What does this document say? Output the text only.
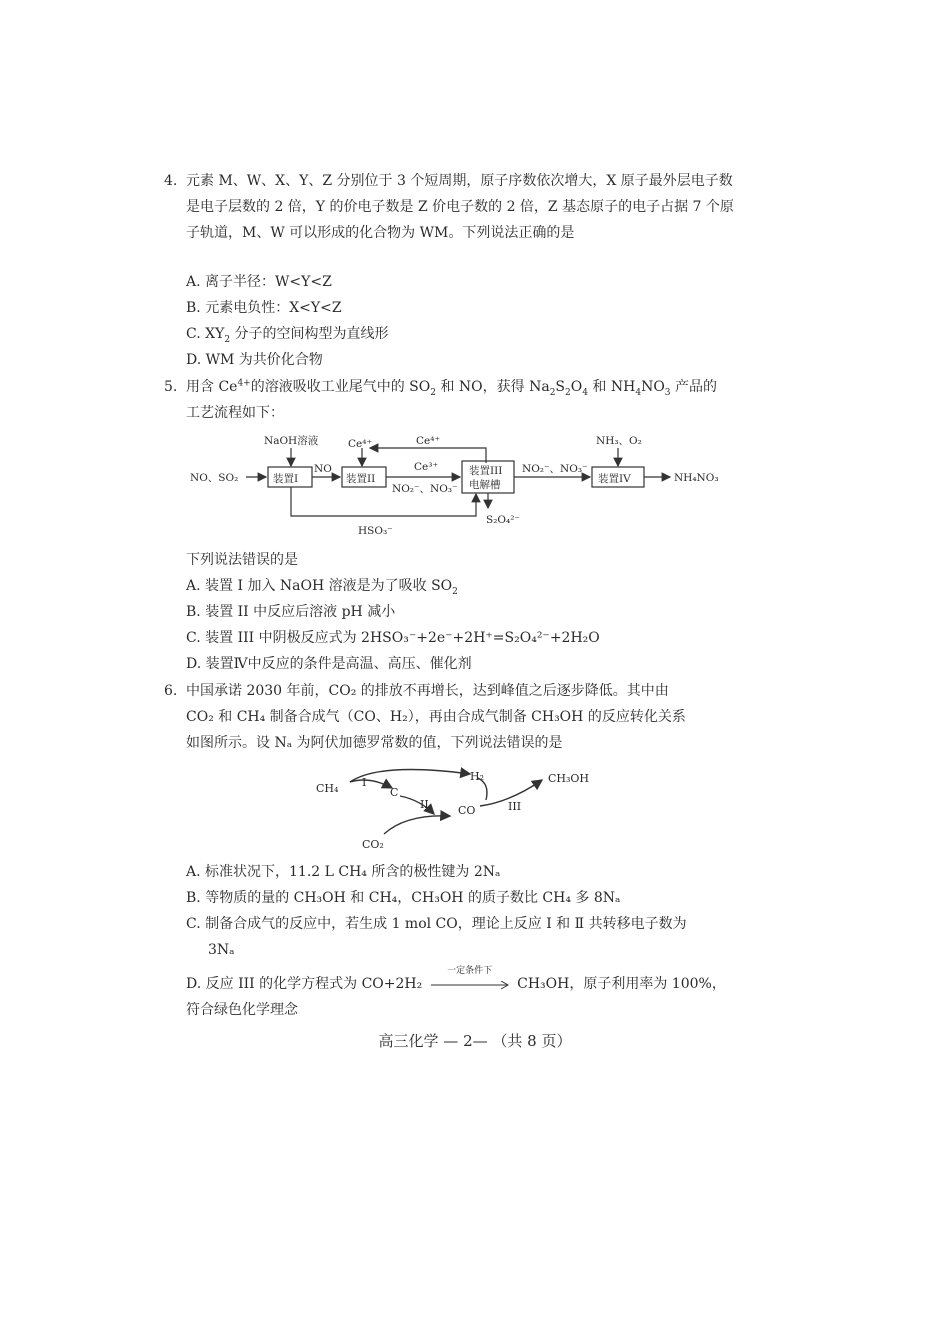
4. 元素 M、W、X、Y、Z 分别位于 3 个短周期，原子序数依次增大，X 原子最外层电子数是电子层数的 2 倍，Y 的价电子数是 Z 价电子数的 2 倍，Z 基态原子的电子占据 7 个原子轨道，M、W 可以形成的化合物为 WM。下列说法正确的是
A. 离子半径：W<Y<Z
B. 元素电负性：X<Y<Z
C. $XY_2$ 分子的空间构型为直线形
D. WM 为共价化合物
5. 用含 $Ce^{4+}$的溶液吸收工业尾气中的 $SO_2$ 和 NO，获得 $Na_2S_2O_4$ 和 $NH_4NO_3$ 产品的
工艺流程如下：
NO、SO₂
NaOH溶液
装置I
NO
Ce⁴⁺	Ce⁴⁺
装置II
Ce³⁺
NO₂⁻、NO₃⁻
装置III
电解槽
NO₂⁻、NO₃⁻
NH₃、O₂
装置IV	NH₄NO₃
S₂O₄²⁻
HSO₃⁻
下列说法错误的是
A. 装置 I 加入 NaOH 溶液是为了吸收 $SO_2$
B. 装置 II 中反应后溶液 pH 减小
C. 装置 III 中阴极反应式为 2HSO₃⁻+2e⁻+2H⁺=S₂O₄²⁻+2H₂O
D. 装置Ⅳ中反应的条件是高温、高压、催化剂
6. 中国承诺 2030 年前，CO₂ 的排放不再增长，达到峰值之后逐步降低。其中由
CO₂ 和 CH₄ 制备合成气（CO、H₂），再由合成气制备 CH₃OH 的反应转化关系
如图所示。设 Nₐ 为阿伏加德罗常数的值，下列说法错误的是
CH₄ I
C
H₂
II	CO	III
CH₃OH
CO₂
A. 标准状况下，11.2 L CH₄ 所含的极性键为 2Nₐ
B. 等物质的量的 CH₃OH 和 CH₄，CH₃OH 的质子数比 CH₄ 多 8Nₐ
C. 制备合成气的反应中，若生成 1 mol CO，理论上反应 Ⅰ 和 Ⅱ 共转移电子数为
3Nₐ
D. 反应 III 的化学方程式为 CO+2H₂
一定条件下
CH₃OH，原子利用率为 100%，
符合绿色化学理念
高三化学 — 2— （共 8 页）
